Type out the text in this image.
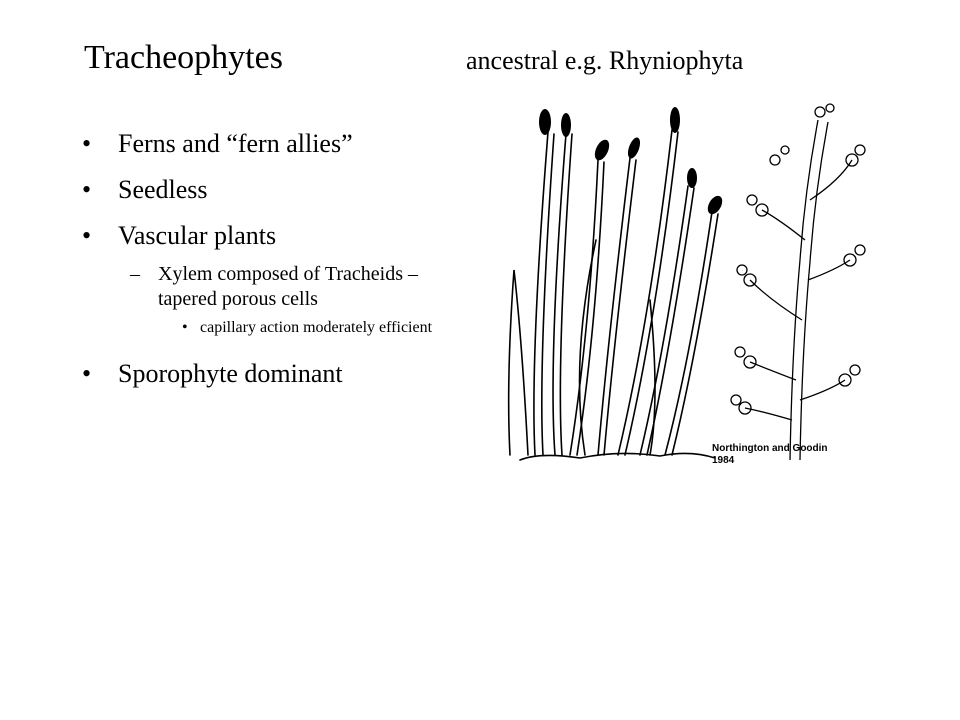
Tracheophytes	ancestral e.g. Rhyniophyta
• Ferns and “fern allies”
• Seedless
• Vascular plants
– Xylem composed of Tracheids – tapered porous cells
• capillary action moderately efficient
• Sporophyte dominant
Northington and Goodin
1984
